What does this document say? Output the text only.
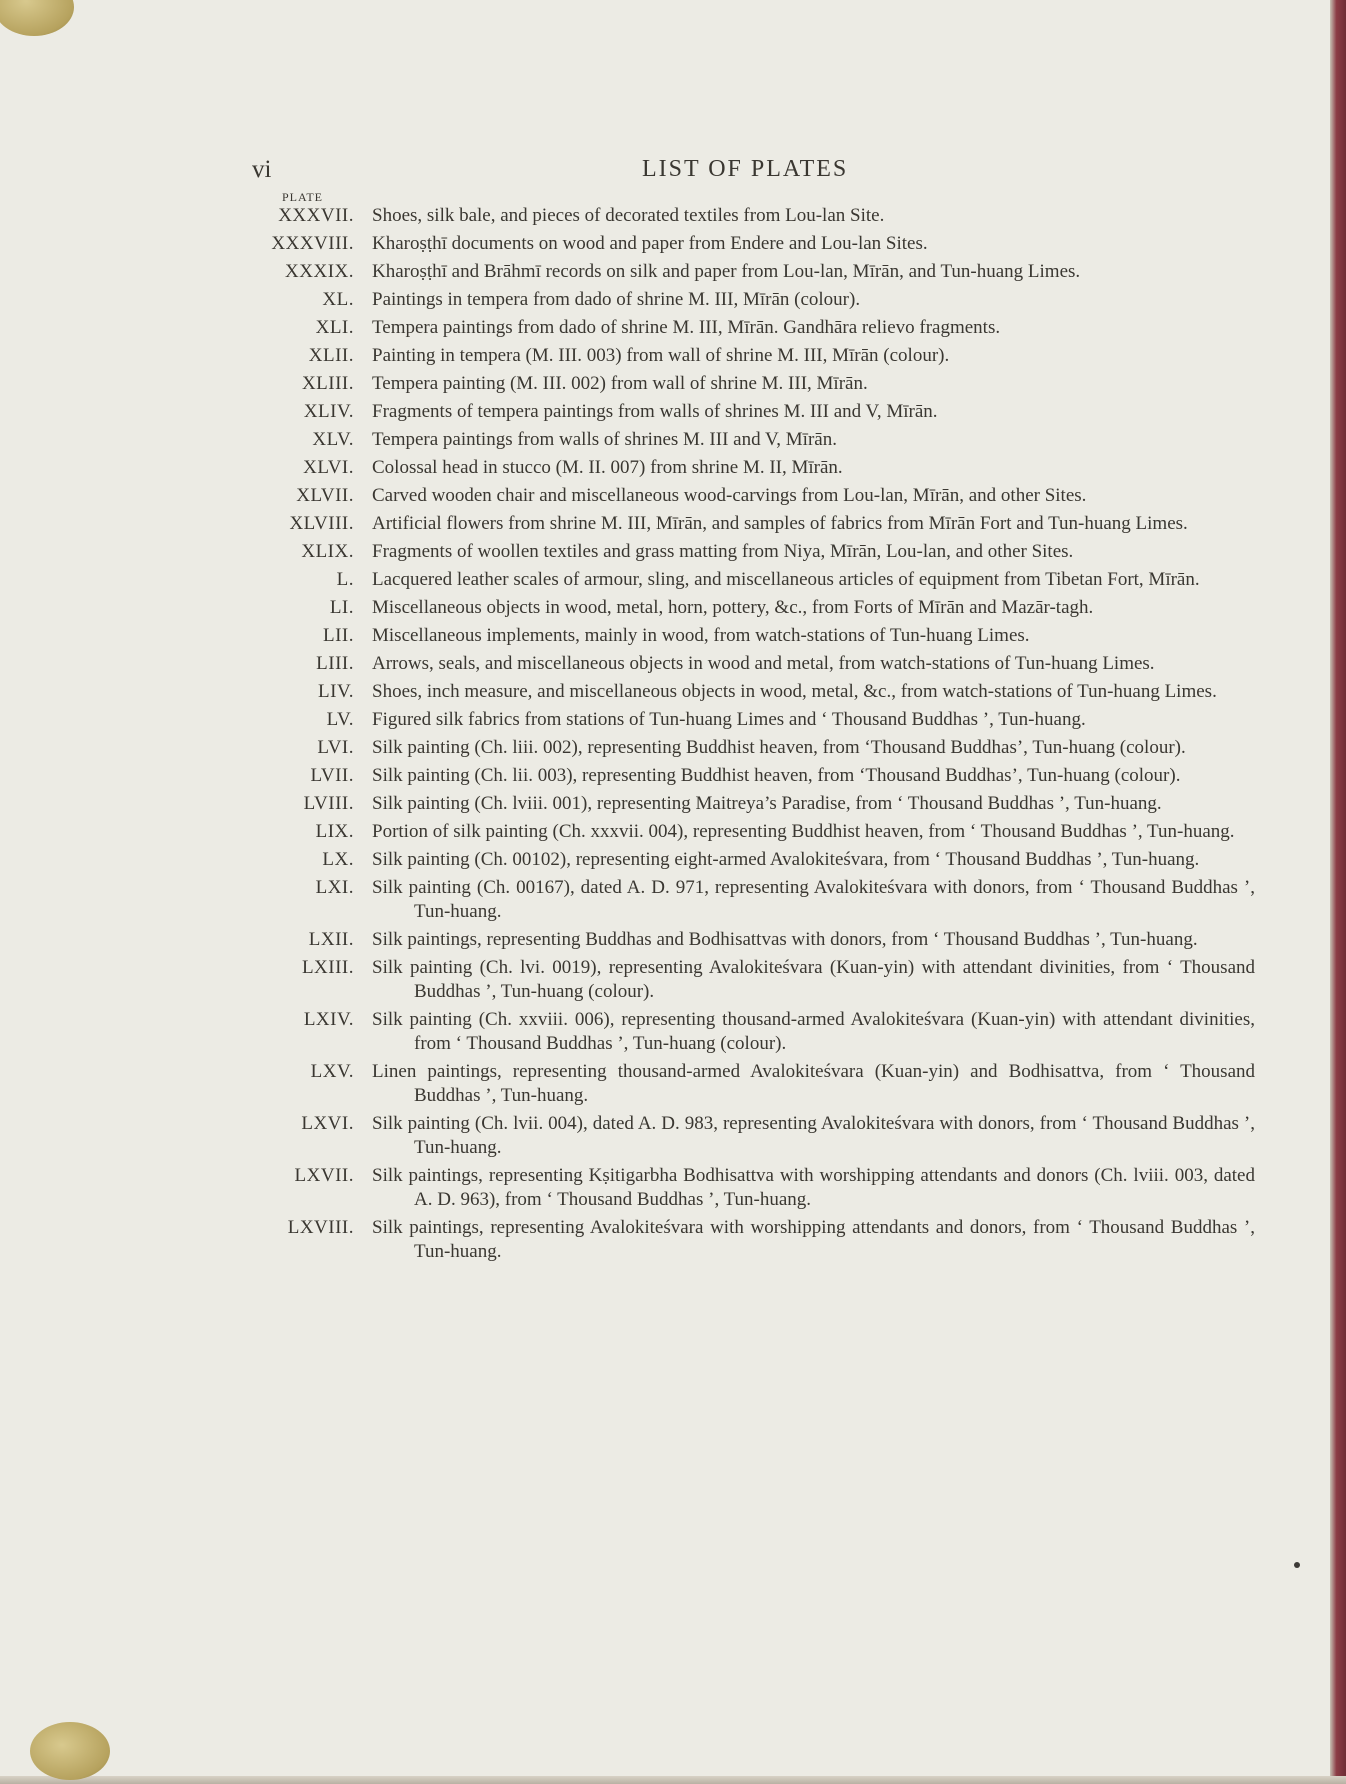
vi	LIST OF PLATES
PLATE
XXXVII. Shoes, silk bale, and pieces of decorated textiles from Lou-lan Site.
XXXVIII. Kharoṣṭhī documents on wood and paper from Endere and Lou-lan Sites.
XXXIX. Kharoṣṭhī and Brāhmī records on silk and paper from Lou-lan, Mīrān, and Tun-huang Limes.
XL. Paintings in tempera from dado of shrine M. III, Mīrān (colour).
XLI. Tempera paintings from dado of shrine M. III, Mīrān. Gandhāra relievo fragments.
XLII. Painting in tempera (M. III. 003) from wall of shrine M. III, Mīrān (colour).
XLIII. Tempera painting (M. III. 002) from wall of shrine M. III, Mīrān.
XLIV. Fragments of tempera paintings from walls of shrines M. III and V, Mīrān.
XLV. Tempera paintings from walls of shrines M. III and V, Mīrān.
XLVI. Colossal head in stucco (M. II. 007) from shrine M. II, Mīrān.
XLVII. Carved wooden chair and miscellaneous wood-carvings from Lou-lan, Mīrān, and other Sites.
XLVIII. Artificial flowers from shrine M. III, Mīrān, and samples of fabrics from Mīrān Fort and Tun-huang Limes.
XLIX. Fragments of woollen textiles and grass matting from Niya, Mīrān, Lou-lan, and other Sites.
L. Lacquered leather scales of armour, sling, and miscellaneous articles of equipment from Tibetan Fort, Mīrān.
LI. Miscellaneous objects in wood, metal, horn, pottery, &c., from Forts of Mīrān and Mazār-tagh.
LII. Miscellaneous implements, mainly in wood, from watch-stations of Tun-huang Limes.
LIII. Arrows, seals, and miscellaneous objects in wood and metal, from watch-stations of Tun-huang Limes.
LIV. Shoes, inch measure, and miscellaneous objects in wood, metal, &c., from watch-stations of Tun-huang Limes.
LV. Figured silk fabrics from stations of Tun-huang Limes and ‘ Thousand Buddhas ’, Tun-huang.
LVI. Silk painting (Ch. liii. 002), representing Buddhist heaven, from ‘Thousand Buddhas’, Tun-huang (colour).
LVII. Silk painting (Ch. lii. 003), representing Buddhist heaven, from ‘Thousand Buddhas’, Tun-huang (colour).
LVIII. Silk painting (Ch. lviii. 001), representing Maitreya’s Paradise, from ‘ Thousand Buddhas ’, Tun-huang.
LIX. Portion of silk painting (Ch. xxxvii. 004), representing Buddhist heaven, from ‘ Thousand Buddhas ’, Tun-huang.
LX. Silk painting (Ch. 00102), representing eight-armed Avalokiteśvara, from ‘ Thousand Buddhas ’, Tun-huang.
LXI. Silk painting (Ch. 00167), dated A. D. 971, representing Avalokiteśvara with donors, from ‘ Thousand Buddhas ’, Tun-huang.
LXII. Silk paintings, representing Buddhas and Bodhisattvas with donors, from ‘ Thousand Buddhas ’, Tun-huang.
LXIII. Silk painting (Ch. lvi. 0019), representing Avalokiteśvara (Kuan-yin) with attendant divinities, from ‘ Thousand Buddhas ’, Tun-huang (colour).
LXIV. Silk painting (Ch. xxviii. 006), representing thousand-armed Avalokiteśvara (Kuan-yin) with attendant divinities, from ‘ Thousand Buddhas ’, Tun-huang (colour).
LXV. Linen paintings, representing thousand-armed Avalokiteśvara (Kuan-yin) and Bodhisattva, from ‘ Thousand Buddhas ’, Tun-huang.
LXVI. Silk painting (Ch. lvii. 004), dated A. D. 983, representing Avalokiteśvara with donors, from ‘ Thousand Buddhas ’, Tun-huang.
LXVII. Silk paintings, representing Kṣitigarbha Bodhisattva with worshipping attendants and donors (Ch. lviii. 003, dated A. D. 963), from ‘ Thousand Buddhas ’, Tun-huang.
LXVIII. Silk paintings, representing Avalokiteśvara with worshipping attendants and donors, from ‘ Thousand Buddhas ’, Tun-huang.
